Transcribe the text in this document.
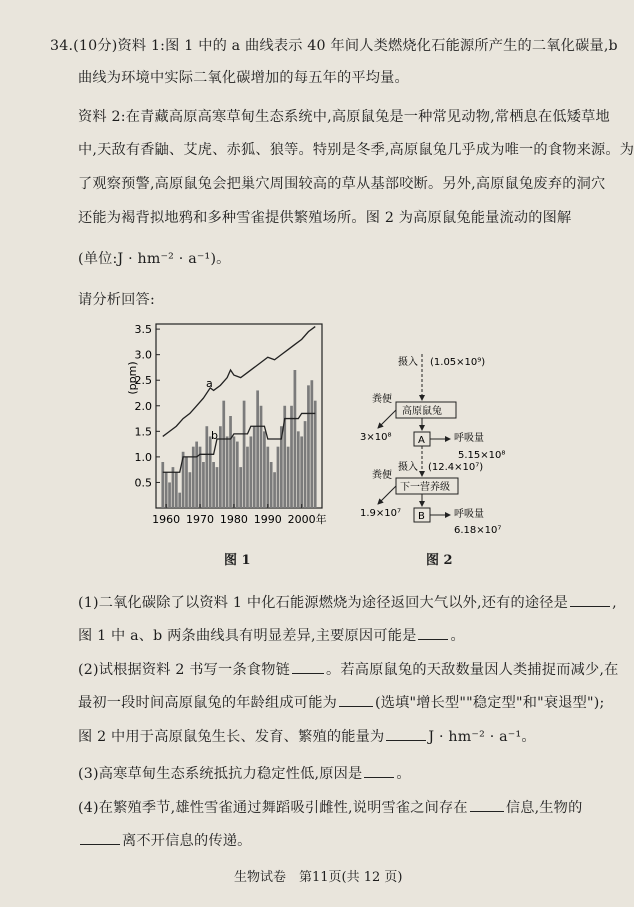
34.(10分)资料 1:图 1 中的 a 曲线表示 40 年间人类燃烧化石能源所产生的二氧化碳量,b
曲线为环境中实际二氧化碳增加的每五年的平均量。
资料 2:在青藏高原高寒草甸生态系统中,高原鼠兔是一种常见动物,常栖息在低矮草地
中,天敌有香鼬、艾虎、赤狐、狼等。特别是冬季,高原鼠兔几乎成为唯一的食物来源。为
了观察预警,高原鼠兔会把巢穴周围较高的草从基部咬断。另外,高原鼠兔废弃的洞穴
还能为褐背拟地鸦和多种雪雀提供繁殖场所。图 2 为高原鼠兔能量流动的图解
(单位:J · hm⁻² · a⁻¹)。
请分析回答:
(ppm)
0.5
1.0
1.5
2.0
2.5
3.0
3.5
1960 1970 1980 1990 2000年
a
b
图 1
摄入 (1.05×10⁹)
高原鼠兔
粪便
3×10⁸	A	呼吸量
5.15×10⁸
摄入 (12.4×10⁷)
下一营养级
粪便
1.9×10⁷ B	呼吸量
6.18×10⁷
图 2
(1)二氧化碳除了以资料 1 中化石能源燃烧为途径返回大气以外,还有的途径是	,
图 1 中 a、b 两条曲线具有明显差异,主要原因可能是 。
(2)试根据资料 2 书写一条食物链	。若高原鼠兔的天敌数量因人类捕捉而减少,在
最初一段时间高原鼠兔的年龄组成可能为	(选填"增长型""稳定型"和"衰退型");
图 2 中用于高原鼠兔生长、发育、繁殖的能量为	J · hm⁻² · a⁻¹。
(3)高寒草甸生态系统抵抗力稳定性低,原因是 。
(4)在繁殖季节,雄性雪雀通过舞蹈吸引雌性,说明雪雀之间存在	信息,生物的
离不开信息的传递。
生物试卷　第11页(共 12 页)
